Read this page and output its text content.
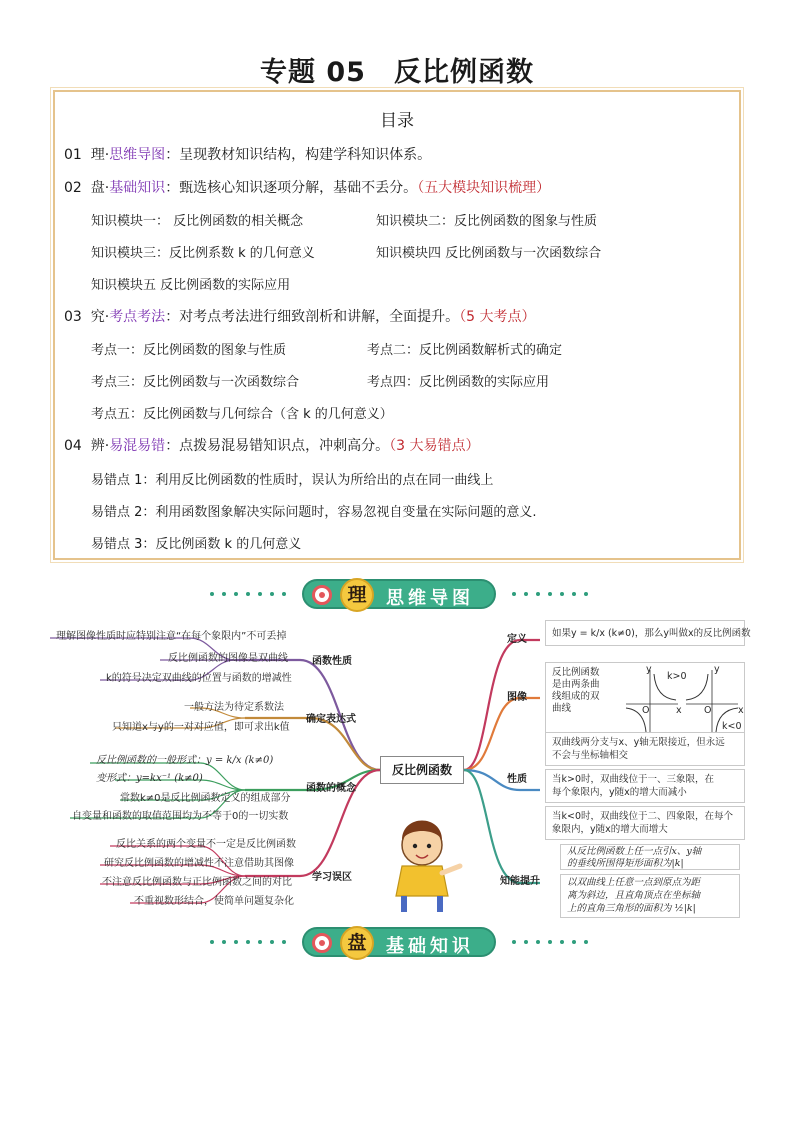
专题 05 反比例函数
目录
01 理·思维导图：呈现教材知识结构，构建学科知识体系。
02 盘·基础知识：甄选核心知识逐项分解，基础不丢分。（五大模块知识梳理）
知识模块一： 反比例函数的相关概念	知识模块二：反比例函数的图象与性质
知识模块三：反比例系数 k 的几何意义	知识模块四 反比例函数与一次函数综合
知识模块五 反比例函数的实际应用
03 究·考点考法：对考点考法进行细致剖析和讲解，全面提升。（5 大考点）
考点一：反比例函数的图象与性质	考点二：反比例函数解析式的确定
考点三：反比例函数与一次函数综合	考点四：反比例函数的实际应用
考点五：反比例函数与几何综合（含 k 的几何意义）
04 辨·易混易错：点拨易混易错知识点，冲刺高分。（3 大易错点）
易错点 1：利用反比例函数的性质时，误认为所给出的点在同一曲线上
易错点 2：利用函数图象解决实际问题时，容易忽视自变量在实际问题的意义.
易错点 3：反比例函数 k 的几何意义
理	思维导图
反比例函数
函数性质
理解图像性质时应特别注意“在每个象限内”不可丢掉
反比例函数的图像是双曲线
k的符号决定双曲线的位置与函数的增减性
确定表达式
一般方法为待定系数法
只知道x与y的一对对应值，即可求出k值
函数的概念
反比例函数的一般形式：y = k/x (k≠0)
变形式：y=kx⁻¹ (k≠0)
常数k≠0是反比例函数定义的组成部分
自变量和函数的取值范围均为不等于0的一切实数
学习误区
反比关系的两个变量不一定是反比例函数
研究反比例函数的增减性不注意借助其图像
不注意反比例函数与正比例函数之间的对比
不重视数形结合，使简单问题复杂化
定义
如果y = k/x (k≠0)，那么y叫做x的反比例函数
图像
反比例函数
是由两条曲
线组成的双
曲线
k>0
k<0
y
x
O
y
x
O
性质
双曲线两分支与x、y轴无限接近，但永远
不会与坐标轴相交
当k>0时，双曲线位于一、三象限，在
每个象限内，y随x的增大而减小
当k<0时，双曲线位于二、四象限，在每个
象限内，y随x的增大而增大
知能提升
从反比例函数上任一点引x、y轴
的垂线所围得矩形面积为|k|
以双曲线上任意一点到原点为距
离为斜边，且直角顶点在坐标轴
上的直角三角形的面积为 ½|k|
盘	基础知识
